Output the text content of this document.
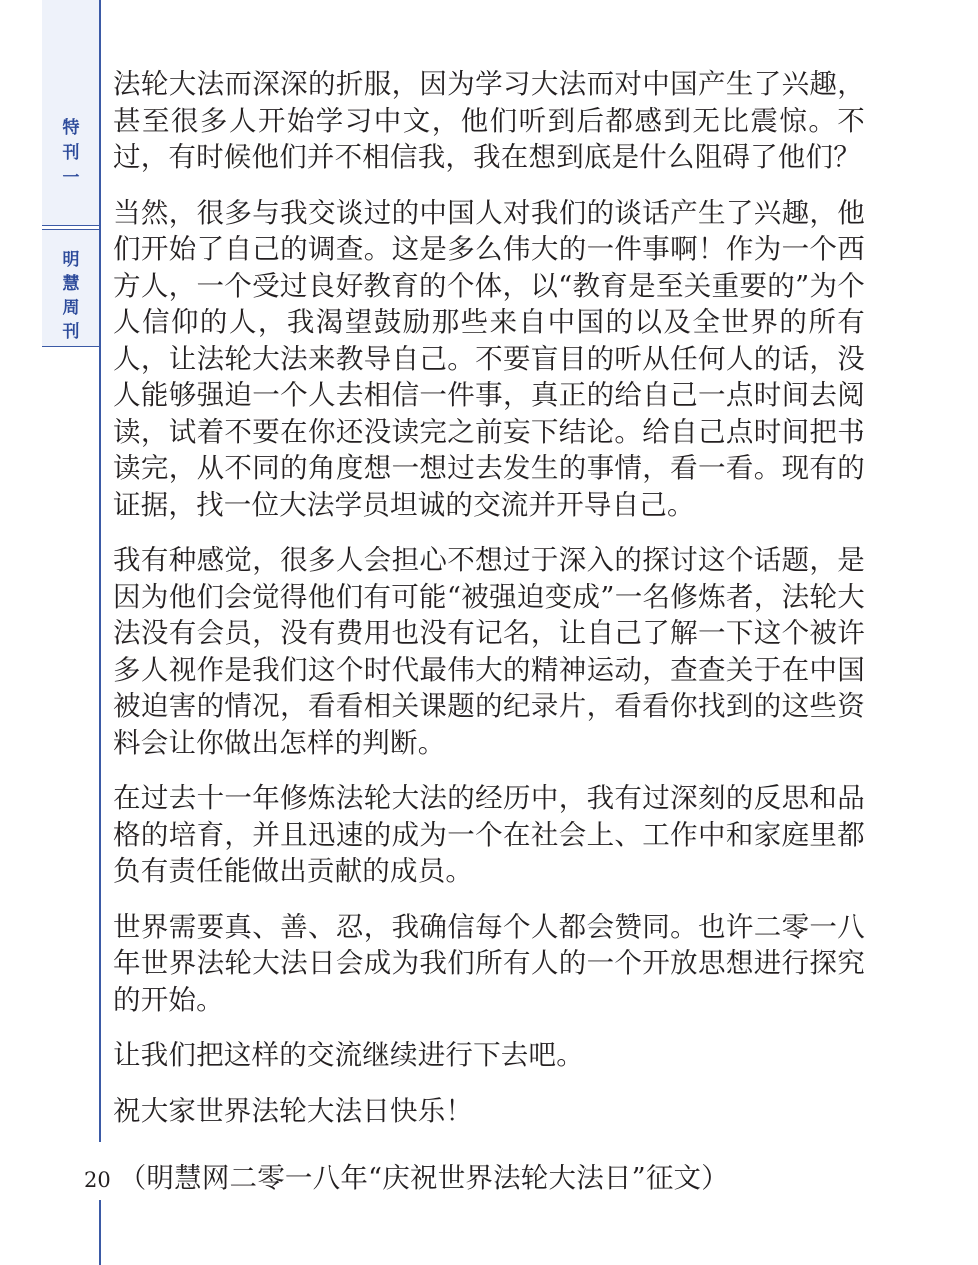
特
刊
一
明
慧
周
刊

法轮大法而深深的折服，因为学习大法而对中国产生了兴趣，甚至很多人开始学习中文，他们听到后都感到无比震惊。不过，有时候他们并不相信我，我在想到底是什么阻碍了他们？

当然，很多与我交谈过的中国人对我们的谈话产生了兴趣，他们开始了自己的调查。这是多么伟大的一件事啊！作为一个西方人，一个受过良好教育的个体，以“教育是至关重要的”为个人信仰的人，我渴望鼓励那些来自中国的以及全世界的所有人，让法轮大法来教导自己。不要盲目的听从任何人的话，没人能够强迫一个人去相信一件事，真正的给自己一点时间去阅读，试着不要在你还没读完之前妄下结论。给自己点时间把书读完，从不同的角度想一想过去发生的事情，看一看。现有的证据，找一位大法学员坦诚的交流并开导自己。

我有种感觉，很多人会担心不想过于深入的探讨这个话题，是因为他们会觉得他们有可能“被强迫变成”一名修炼者，法轮大法没有会员，没有费用也没有记名，让自己了解一下这个被许多人视作是我们这个时代最伟大的精神运动，查查关于在中国被迫害的情况，看看相关课题的纪录片，看看你找到的这些资料会让你做出怎样的判断。

在过去十一年修炼法轮大法的经历中，我有过深刻的反思和品格的培育，并且迅速的成为一个在社会上、工作中和家庭里都负有责任能做出贡献的成员。

世界需要真、善、忍，我确信每个人都会赞同。也许二零一八年世界法轮大法日会成为我们所有人的一个开放思想进行探究的开始。

让我们把这样的交流继续进行下去吧。

祝大家世界法轮大法日快乐！

20 （明慧网二零一八年“庆祝世界法轮大法日”征文）
